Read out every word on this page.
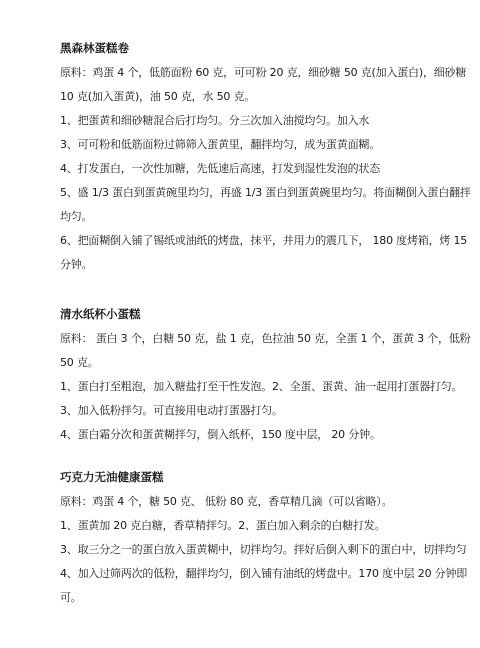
黑森林蛋糕卷

原料：鸡蛋 4 个，低筋面粉 60 克，可可粉 20 克，细砂糖 50 克(加入蛋白)，细砂糖

10 克(加入蛋黄)，油 50 克，水 50 克。

1、把蛋黄和细砂糖混合后打均匀。分三次加入油搅均匀。加入水

3、可可粉和低筋面粉过筛筛入蛋黄里，翻拌均匀，成为蛋黄面糊。

4、打发蛋白，一次性加糖，先低速后高速，打发到湿性发泡的状态

5、盛 1/3 蛋白到蛋黄碗里均匀，再盛 1/3 蛋白到蛋黄碗里均匀。将面糊倒入蛋白翻拌

均匀。

6、把面糊倒入铺了锡纸或油纸的烤盘，抹平，并用力的震几下， 180 度烤箱，烤 15

分钟。

清水纸杯小蛋糕

原料： 蛋白 3 个，白糖 50 克，盐 1 克，色拉油 50 克，全蛋 1 个，蛋黄 3 个，低粉

50 克。

1、蛋白打至粗泡，加入糖盐打至干性发泡。2、全蛋、蛋黄、油一起用打蛋器打匀。

3、加入低粉拌匀。可直接用电动打蛋器打匀。

4、蛋白霜分次和蛋黄糊拌匀，倒入纸杯，150 度中层， 20 分钟。

巧克力无油健康蛋糕

原料：鸡蛋 4 个，糖 50 克、 低粉 80 克，香草精几滴（可以省略）。

1、蛋黄加 20 克白糖，香草精拌匀。2、蛋白加入剩余的白糖打发。

3、取三分之一的蛋白放入蛋黄糊中，切拌均匀。拌好后倒入剩下的蛋白中，切拌均匀

4、加入过筛两次的低粉，翻拌均匀，倒入铺有油纸的烤盘中。170 度中层 20 分钟即

可。
